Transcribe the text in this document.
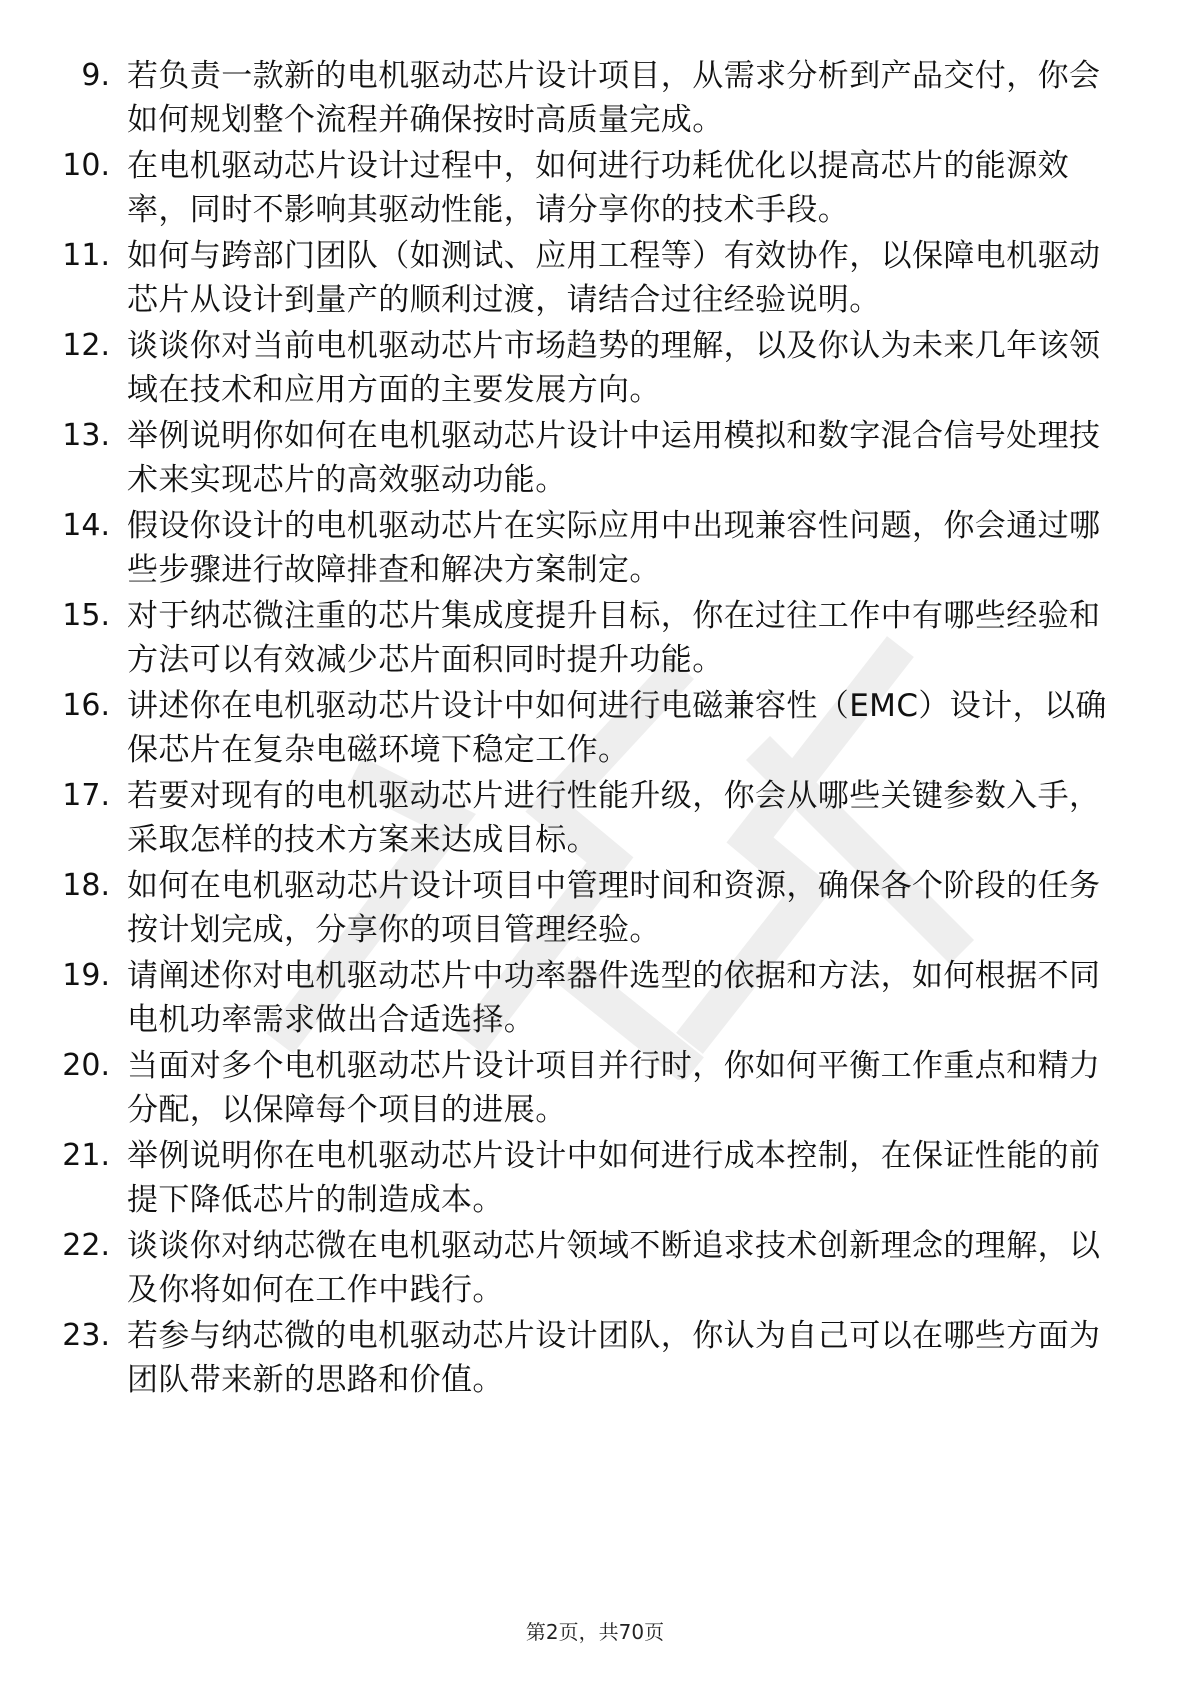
9. 若负责一款新的电机驱动芯片设计项目，从需求分析到产品交付，你会如何规划整个流程并确保按时高质量完成。
10. 在电机驱动芯片设计过程中，如何进行功耗优化以提高芯片的能源效率，同时不影响其驱动性能，请分享你的技术手段。
11. 如何与跨部门团队（如测试、应用工程等）有效协作，以保障电机驱动芯片从设计到量产的顺利过渡，请结合过往经验说明。
12. 谈谈你对当前电机驱动芯片市场趋势的理解，以及你认为未来几年该领域在技术和应用方面的主要发展方向。
13. 举例说明你如何在电机驱动芯片设计中运用模拟和数字混合信号处理技术来实现芯片的高效驱动功能。
14. 假设你设计的电机驱动芯片在实际应用中出现兼容性问题，你会通过哪些步骤进行故障排查和解决方案制定。
15. 对于纳芯微注重的芯片集成度提升目标，你在过往工作中有哪些经验和方法可以有效减少芯片面积同时提升功能。
16. 讲述你在电机驱动芯片设计中如何进行电磁兼容性（EMC）设计，以确保芯片在复杂电磁环境下稳定工作。
17. 若要对现有的电机驱动芯片进行性能升级，你会从哪些关键参数入手，采取怎样的技术方案来达成目标。
18. 如何在电机驱动芯片设计项目中管理时间和资源，确保各个阶段的任务按计划完成，分享你的项目管理经验。
19. 请阐述你对电机驱动芯片中功率器件选型的依据和方法，如何根据不同电机功率需求做出合适选择。
20. 当面对多个电机驱动芯片设计项目并行时，你如何平衡工作重点和精力分配，以保障每个项目的进展。
21. 举例说明你在电机驱动芯片设计中如何进行成本控制，在保证性能的前提下降低芯片的制造成本。
22. 谈谈你对纳芯微在电机驱动芯片领域不断追求技术创新理念的理解，以及你将如何在工作中践行。
23. 若参与纳芯微的电机驱动芯片设计团队，你认为自己可以在哪些方面为团队带来新的思路和价值。
第2页，共70页
